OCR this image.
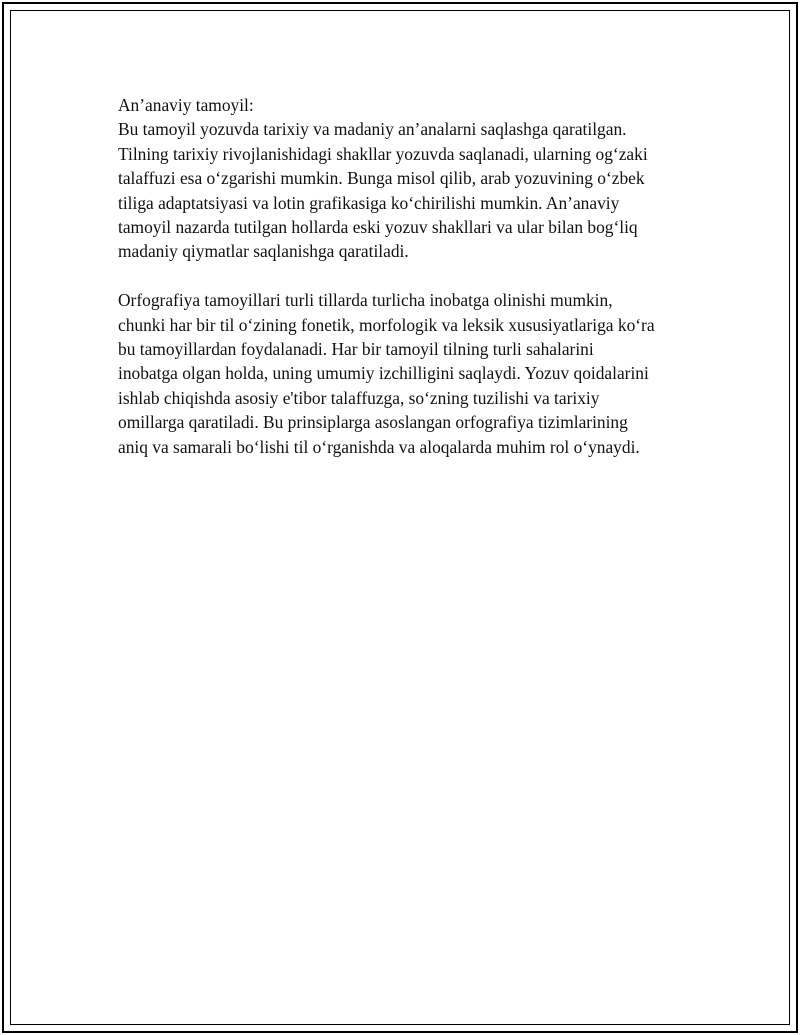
An’anaviy tamoyil:
Bu tamoyil yozuvda tarixiy va madaniy an’analarni saqlashga qaratilgan.
Tilning tarixiy rivojlanishidagi shakllar yozuvda saqlanadi, ularning og‘zaki
talaffuzi esa o‘zgarishi mumkin. Bunga misol qilib, arab yozuvining o‘zbek
tiliga adaptatsiyasi va lotin grafikasiga ko‘chirilishi mumkin. An’anaviy
tamoyil nazarda tutilgan hollarda eski yozuv shakllari va ular bilan bog‘liq
madaniy qiymatlar saqlanishga qaratiladi.

Orfografiya tamoyillari turli tillarda turlicha inobatga olinishi mumkin,
chunki har bir til o‘zining fonetik, morfologik va leksik xususiyatlariga ko‘ra
bu tamoyillardan foydalanadi. Har bir tamoyil tilning turli sahalarini
inobatga olgan holda, uning umumiy izchilligini saqlaydi. Yozuv qoidalarini
ishlab chiqishda asosiy e'tibor talaffuzga, so‘zning tuzilishi va tarixiy
omillarga qaratiladi. Bu prinsiplarga asoslangan orfografiya tizimlarining
aniq va samarali bo‘lishi til o‘rganishda va aloqalarda muhim rol o‘ynaydi.
